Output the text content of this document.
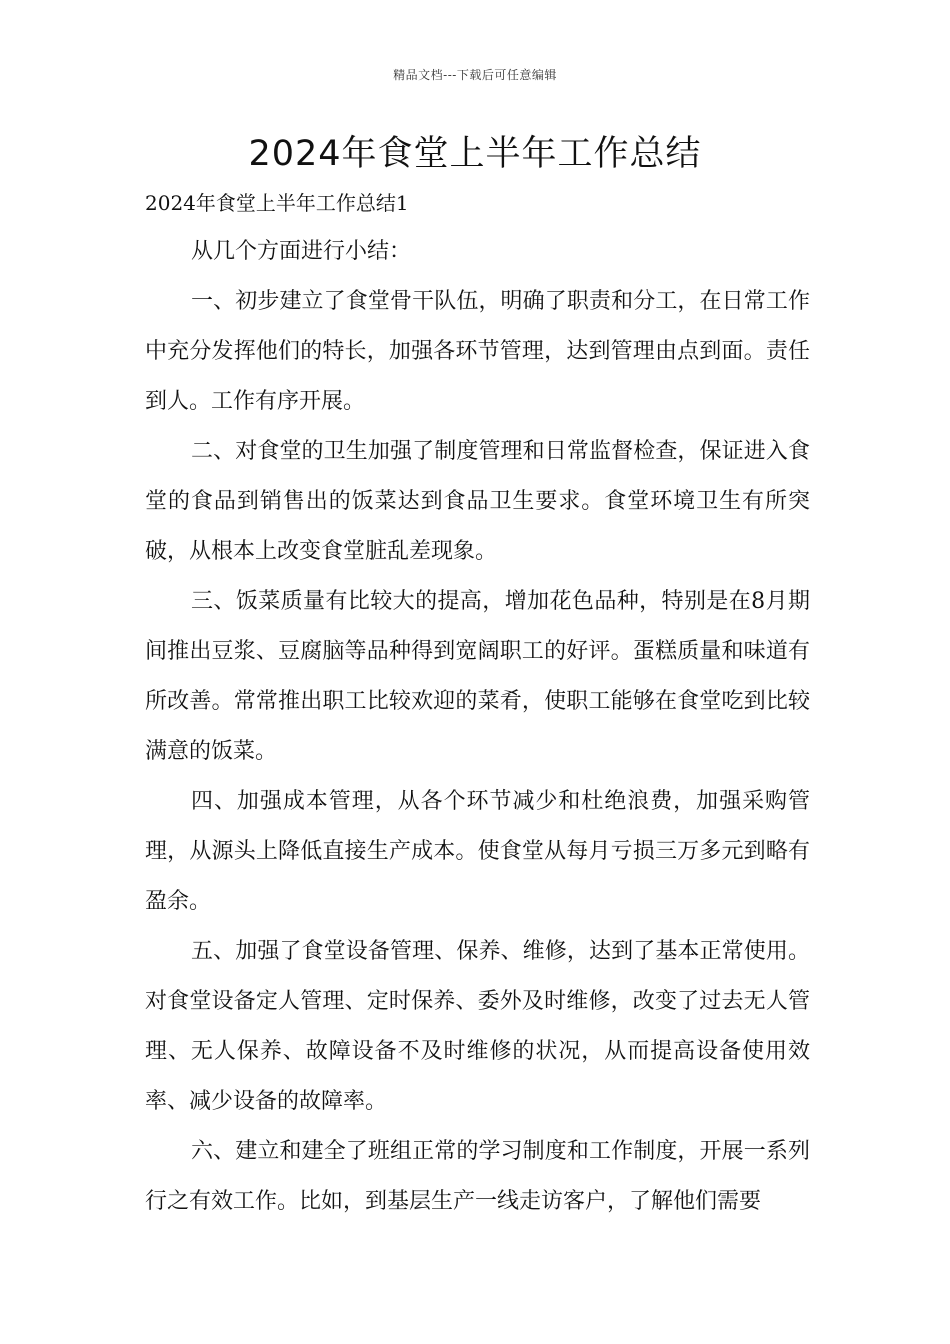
精品文档---下载后可任意编辑
2024年食堂上半年工作总结
2024年食堂上半年工作总结1

从几个方面进行小结：

一、初步建立了食堂骨干队伍，明确了职责和分工，在日常工作中充分发挥他们的特长，加强各环节管理，达到管理由点到面。责任到人。工作有序开展。

二、对食堂的卫生加强了制度管理和日常监督检查，保证进入食堂的食品到销售出的饭菜达到食品卫生要求。食堂环境卫生有所突破，从根本上改变食堂脏乱差现象。

三、饭菜质量有比较大的提高，增加花色品种，特别是在8月期间推出豆浆、豆腐脑等品种得到宽阔职工的好评。蛋糕质量和味道有所改善。常常推出职工比较欢迎的菜肴，使职工能够在食堂吃到比较满意的饭菜。

四、加强成本管理，从各个环节减少和杜绝浪费，加强采购管理，从源头上降低直接生产成本。使食堂从每月亏损三万多元到略有盈余。

五、加强了食堂设备管理、保养、维修，达到了基本正常使用。对食堂设备定人管理、定时保养、委外及时维修，改变了过去无人管理、无人保养、故障设备不及时维修的状况，从而提高设备使用效率、减少设备的故障率。

六、建立和建全了班组正常的学习制度和工作制度，开展一系列行之有效工作。比如，到基层生产一线走访客户，了解他们需要
